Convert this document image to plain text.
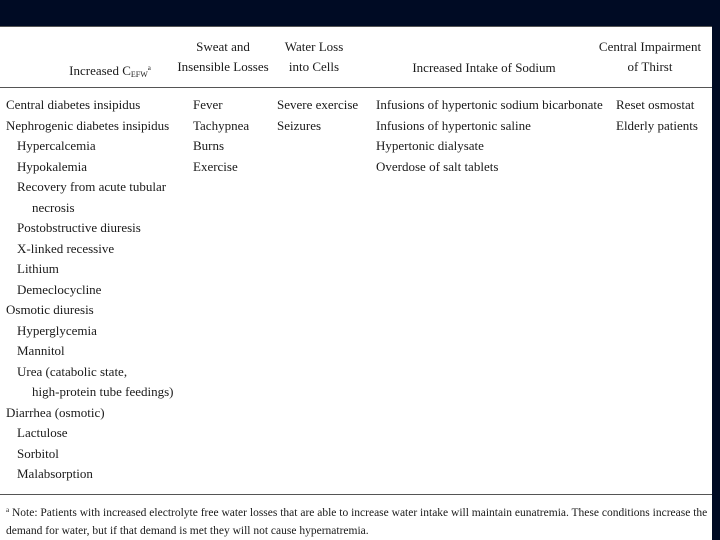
Increased $C_{EFW}^a$
Sweat and
Insensible Losses
Water Loss
into Cells	Increased Intake of Sodium
Central Impairment
of Thirst
Central diabetes insipidus
Nephrogenic diabetes insipidus
Hypercalcemia
Hypokalemia
Recovery from acute tubular
necrosis
Postobstructive diuresis
X-linked recessive
Lithium
Demeclocycline
Osmotic diuresis
Hyperglycemia
Mannitol
Urea (catabolic state,
high-protein tube feedings)
Diarrhea (osmotic)
Lactulose
Sorbitol
Malabsorption
Fever
Tachypnea
Burns
Exercise
Severe exercise
Seizures
Infusions of hypertonic sodium bicarbonate
Infusions of hypertonic saline
Hypertonic dialysate
Overdose of salt tablets
Reset osmostat
Elderly patients
$^a$ Note: Patients with increased electrolyte free water losses that are able to increase water intake will maintain eunatremia. These conditions increase the demand for water, but if that demand is met they will not cause hypernatremia.
